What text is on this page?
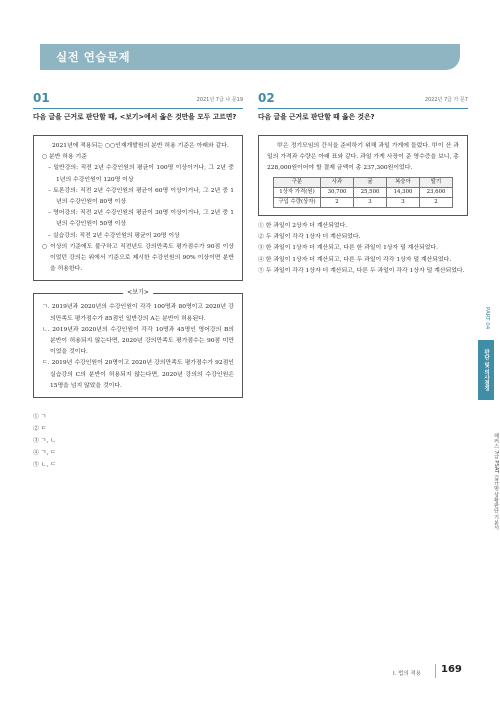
실전 연습문제
01	2021년 7급 나 문19
다음 글을 근거로 판단할 때, <보기>에서 옳은 것만을 모두 고르면?

2021년에 적용되는 ○○인재개발원의 분반 허용 기준은 아래와 같다.

○ 분반 허용 기준

– 일반강의: 직전 2년 수강인원의 평균이 100명 이상이거나, 그 2년 중 1년의 수강인원이 120명 이상

– 토론강의: 직전 2년 수강인원의 평균이 60명 이상이거나, 그 2년 중 1년의 수강인원이 80명 이상

– 영어강의: 직전 2년 수강인원의 평균이 30명 이상이거나, 그 2년 중 1년의 수강인원이 50명 이상

– 실습강의: 직전 2년 수강인원의 평균이 20명 이상

○ 이상의 기준에도 불구하고 직전년도 강의만족도 평가점수가 90점 이상이었던 강의는 위에서 기준으로 제시한 수강인원의 90% 이상이면 분반을 허용한다.

<보기>

ㄱ. 2019년과 2020년의 수강인원이 각각 100명과 80명이고 2020년 강의만족도 평가점수가 85점인 일반강의 A는 분반이 허용된다.

ㄴ. 2019년과 2020년의 수강인원이 각각 10명과 45명인 영어강의 B의 분반이 허용되지 않는다면, 2020년 강의만족도 평가점수는 90점 미만이었을 것이다.

ㄷ. 2019년 수강인원이 20명이고 2020년 강의만족도 평가점수가 92점인 실습강의 C의 분반이 허용되지 않는다면, 2020년 강의의 수강인원은 15명을 넘지 않았을 것이다.

① ㄱ
② ㄷ
③ ㄱ, ㄴ
④ ㄱ, ㄷ
⑤ ㄴ, ㄷ
02	2022년 7급 가 문7
다음 글을 근거로 판단할 때 옳은 것은?

甲은 정기모임의 간식을 준비하기 위해 과일 가게에 들렀다. 甲이 산 과일의 가격과 수량은 아래 표와 같다. 과일 가게 사장이 준 영수증을 보니, 총 228,000원이어야 할 결제 금액이 총 237,300원이었다.

구분	사과	귤	복숭아	딸기
1상자 가격(원)	30,700	25,500	14,300	23,600
구입 수량(상자)	2	3	3	2
① 한 과일이 2상자 더 계산되었다.
② 두 과일이 각각 1상자 더 계산되었다.
③ 한 과일이 1상자 더 계산되고, 다른 한 과일이 1상자 덜 계산되었다.
④ 한 과일이 1상자 더 계산되고, 다른 두 과일이 각각 1상자 덜 계산되었다.
⑤ 두 과일이 각각 1상자 더 계산되고, 다른 두 과일이 각각 1상자 덜 계산되었다.
PART 04
판단 및 의사결정
해커스 7급 PSAT 길규범 상황판단 기본서
Ⅰ. 법의 적용 169
